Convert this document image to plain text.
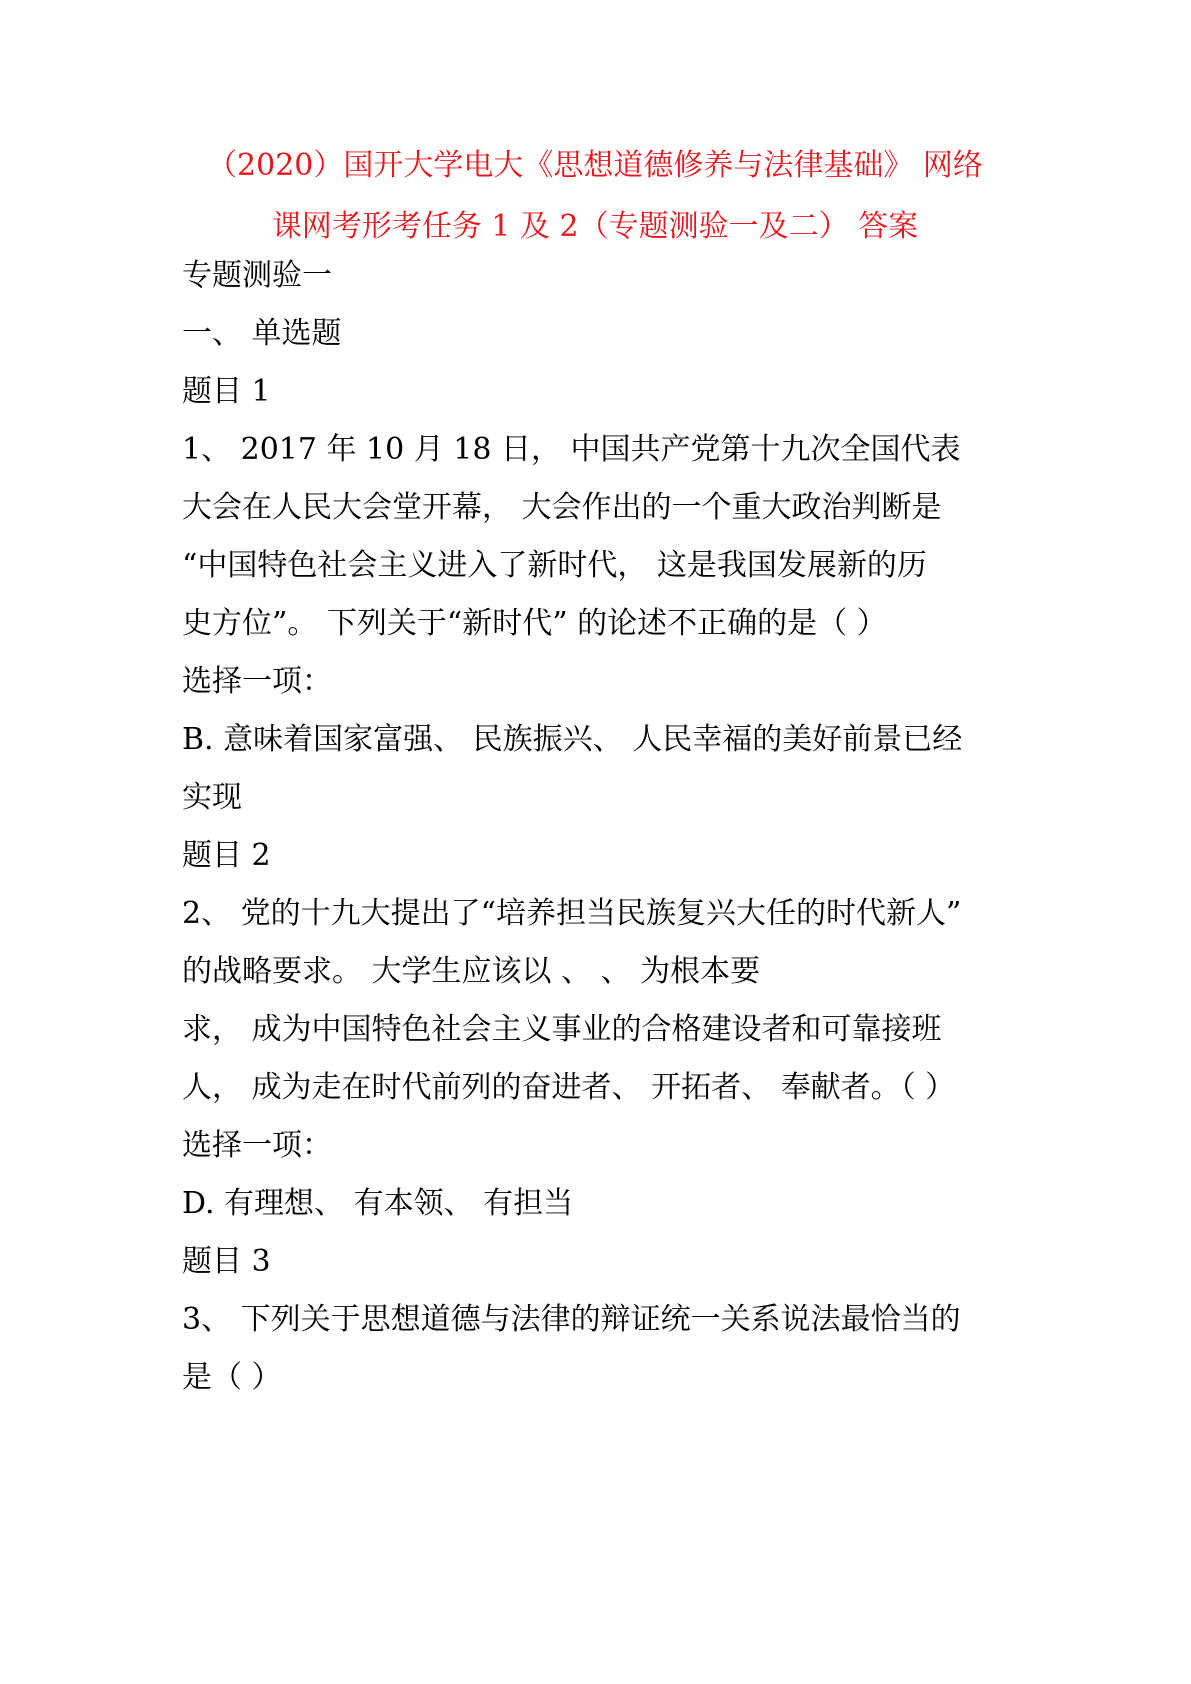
（2020）国开大学电大《思想道德修养与法律基础》 网络
课网考形考任务 1 及 2（专题测验一及二） 答案
专题测验一
一、 单选题
题目 1
1、 2017 年 10 月 18 日， 中国共产党第十九次全国代表
大会在人民大会堂开幕， 大会作出的一个重大政治判断是
“中国特色社会主义进入了新时代， 这是我国发展新的历
史方位”。 下列关于“新时代” 的论述不正确的是（ ）
选择一项：
B. 意味着国家富强、 民族振兴、 人民幸福的美好前景已经
实现
题目 2
2、 党的十九大提出了“培养担当民族复兴大任的时代新人”
的战略要求。 大学生应该以 、 、 为根本要
求， 成为中国特色社会主义事业的合格建设者和可靠接班
人， 成为走在时代前列的奋进者、 开拓者、 奉献者。（ ）
选择一项：
D. 有理想、 有本领、 有担当
题目 3
3、 下列关于思想道德与法律的辩证统一关系说法最恰当的
是（ ）
